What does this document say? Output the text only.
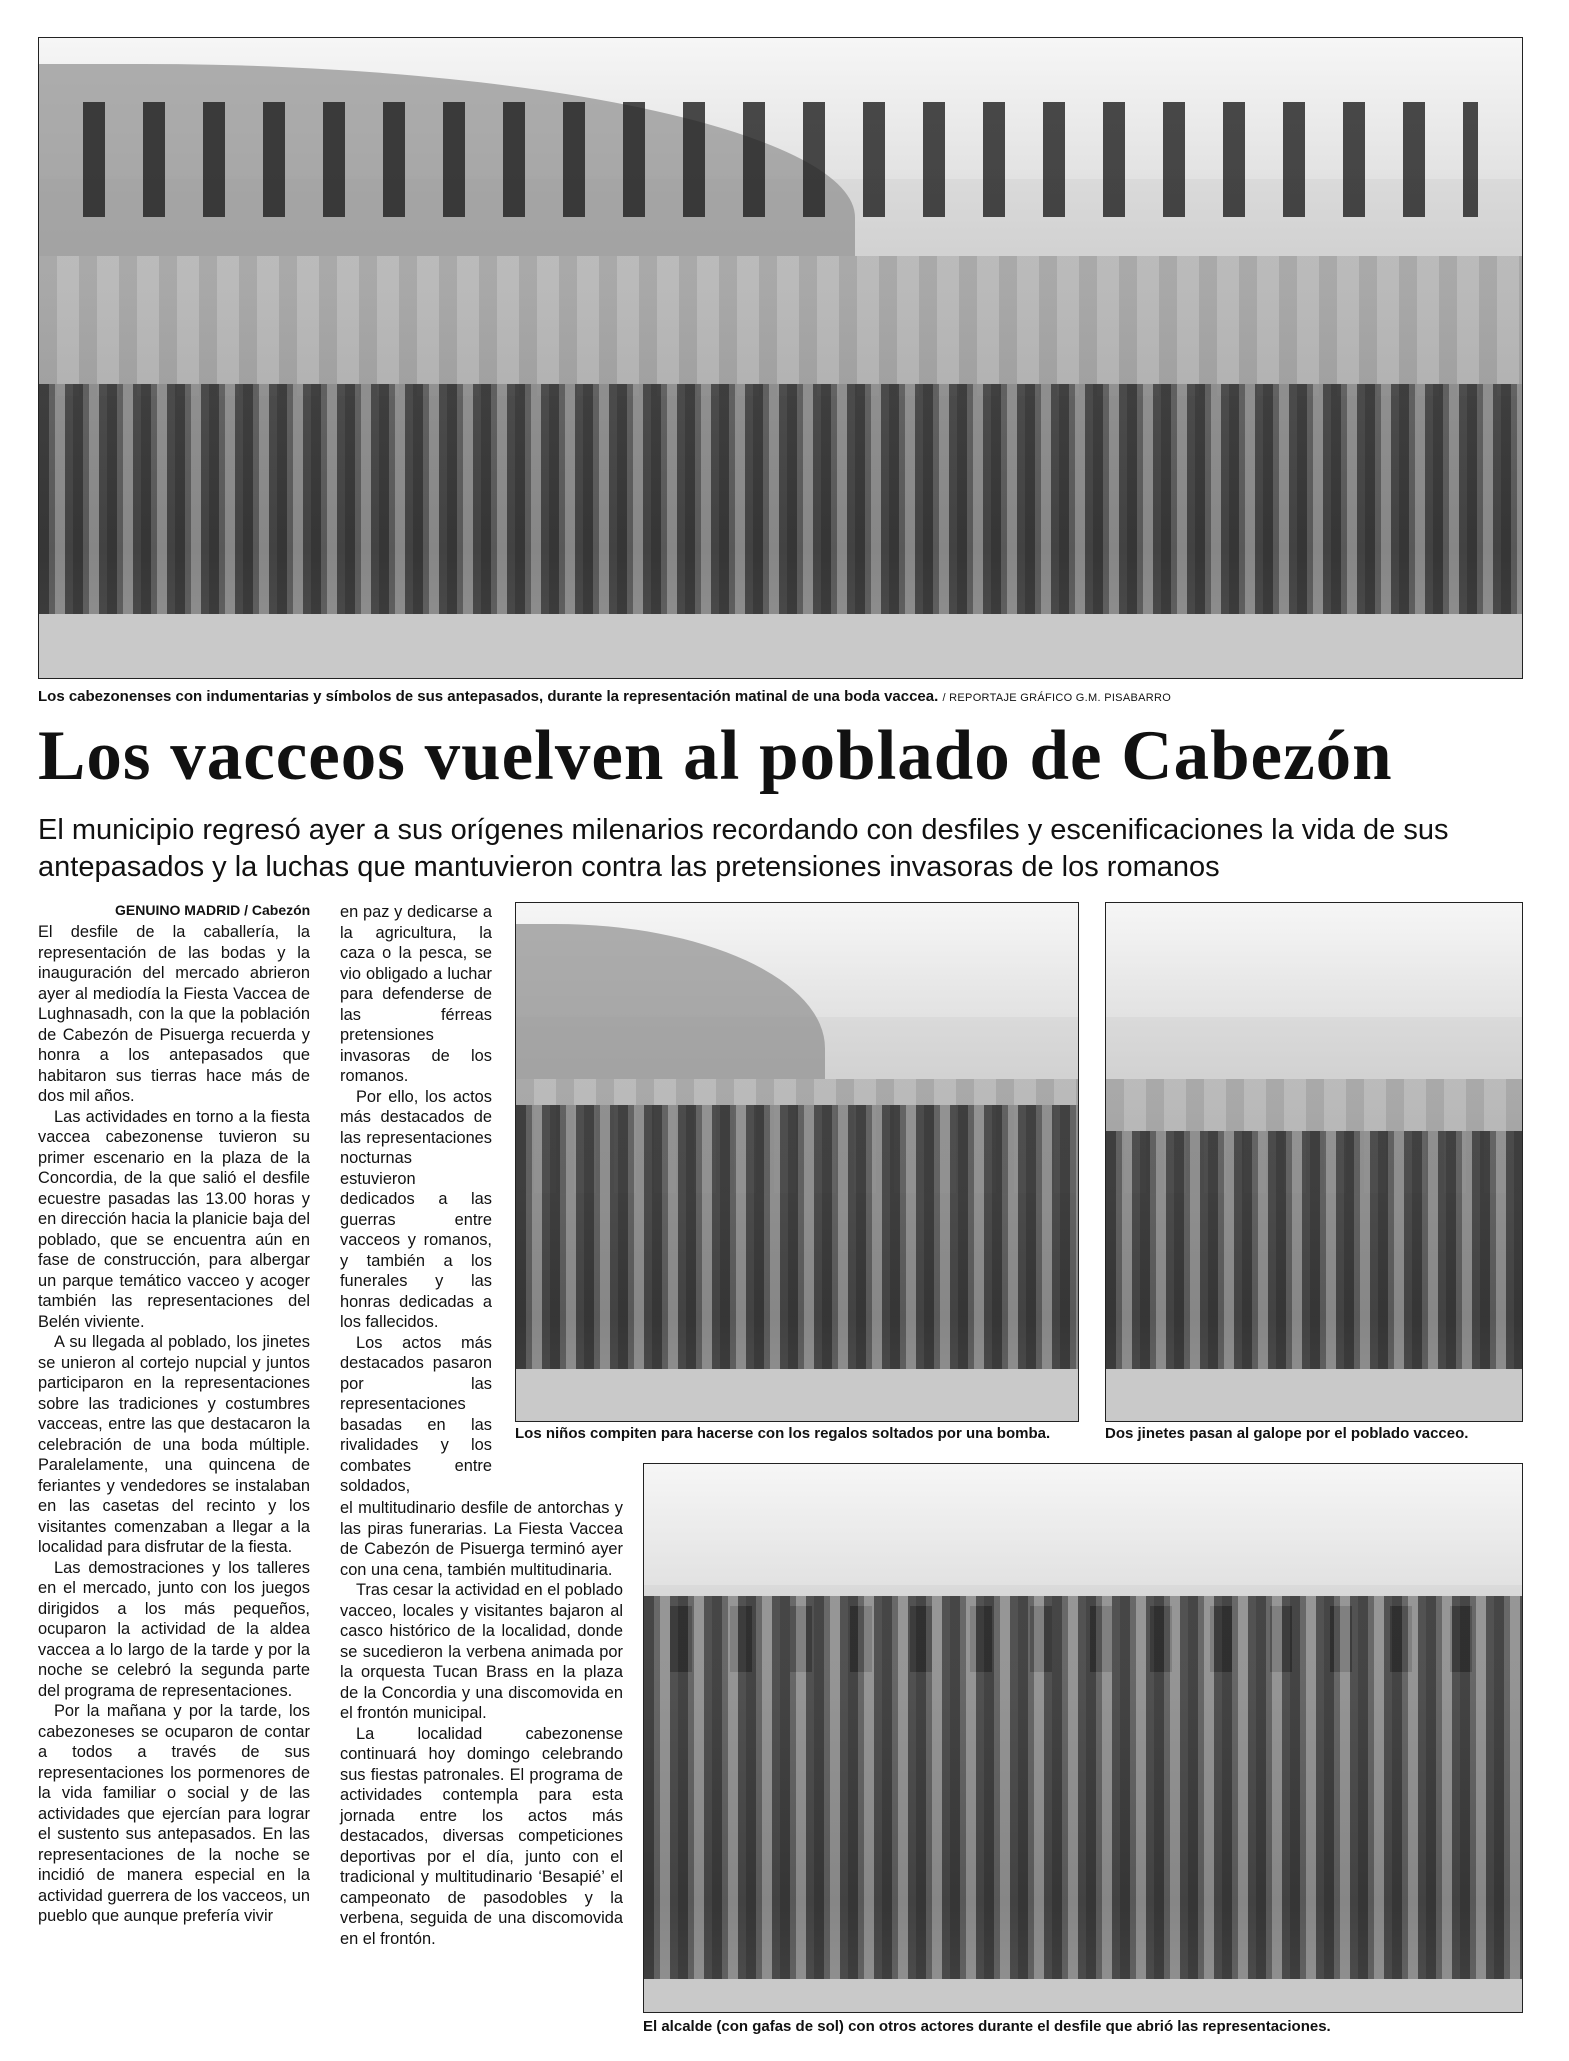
Los cabezonenses con indumentarias y símbolos de sus antepasados, durante la representación matinal de una boda vaccea. / REPORTAJE GRÁFICO G.M. PISABARRO
Los vacceos vuelven al poblado de Cabezón
El municipio regresó ayer a sus orígenes milenarios recordando con desfiles y escenificaciones la vida de sus antepasados y la luchas que mantuvieron contra las pretensiones invasoras de los romanos
GENUINO MADRID / Cabezón

El desfile de la caballería, la representación de las bodas y la inauguración del mercado abrieron ayer al mediodía la Fiesta Vaccea de Lughnasadh, con la que la población de Cabezón de Pisuerga recuerda y honra a los antepasados que habitaron sus tierras hace más de dos mil años.

Las actividades en torno a la fiesta vaccea cabezonense tuvieron su primer escenario en la plaza de la Concordia, de la que salió el desfile ecuestre pasadas las 13.00 horas y en dirección hacia la planicie baja del poblado, que se encuentra aún en fase de construcción, para albergar un parque temático vacceo y acoger también las representaciones del Belén viviente.

A su llegada al poblado, los jinetes se unieron al cortejo nupcial y juntos participaron en la representaciones sobre las tradiciones y costumbres vacceas, entre las que destacaron la celebración de una boda múltiple. Paralelamente, una quincena de feriantes y vendedores se instalaban en las casetas del recinto y los visitantes comenzaban a llegar a la localidad para disfrutar de la fiesta.

Las demostraciones y los talleres en el mercado, junto con los juegos dirigidos a los más pequeños, ocuparon la actividad de la aldea vaccea a lo largo de la tarde y por la noche se celebró la segunda parte del programa de representaciones.

Por la mañana y por la tarde, los cabezoneses se ocuparon de contar a todos a través de sus representaciones los pormenores de la vida familiar o social y de las actividades que ejercían para lograr el sustento sus antepasados. En las representaciones de la noche se incidió de manera especial en la actividad guerrera de los vacceos, un pueblo que aunque prefería vivir

en paz y dedicarse a la agricultura, la caza o la pesca, se vio obligado a luchar para defenderse de las férreas pretensiones invasoras de los romanos.

Por ello, los actos más destacados de las representaciones nocturnas estuvieron dedicados a las guerras entre vacceos y romanos, y también a los funerales y las honras dedicadas a los fallecidos.

Los actos más destacados pasaron por las representaciones basadas en las rivalidades y los combates entre soldados,

el multitudinario desfile de antorchas y las piras funerarias. La Fiesta Vaccea de Cabezón de Pisuerga terminó ayer con una cena, también multitudinaria.

Tras cesar la actividad en el poblado vacceo, locales y visitantes bajaron al casco histórico de la localidad, donde se sucedieron la verbena animada por la orquesta Tucan Brass en la plaza de la Concordia y una discomovida en el frontón municipal.

La localidad cabezonense continuará hoy domingo celebrando sus fiestas patronales. El programa de actividades contempla para esta jornada entre los actos más destacados, diversas competiciones deportivas por el día, junto con el tradicional y multitudinario ‘Besapié’ el campeonato de pasodobles y la verbena, seguida de una discomovida en el frontón.

Los niños compiten para hacerse con los regalos soltados por una bomba.	Dos jinetes pasan al galope por el poblado vacceo.
El alcalde (con gafas de sol) con otros actores durante el desfile que abrió las representaciones.
